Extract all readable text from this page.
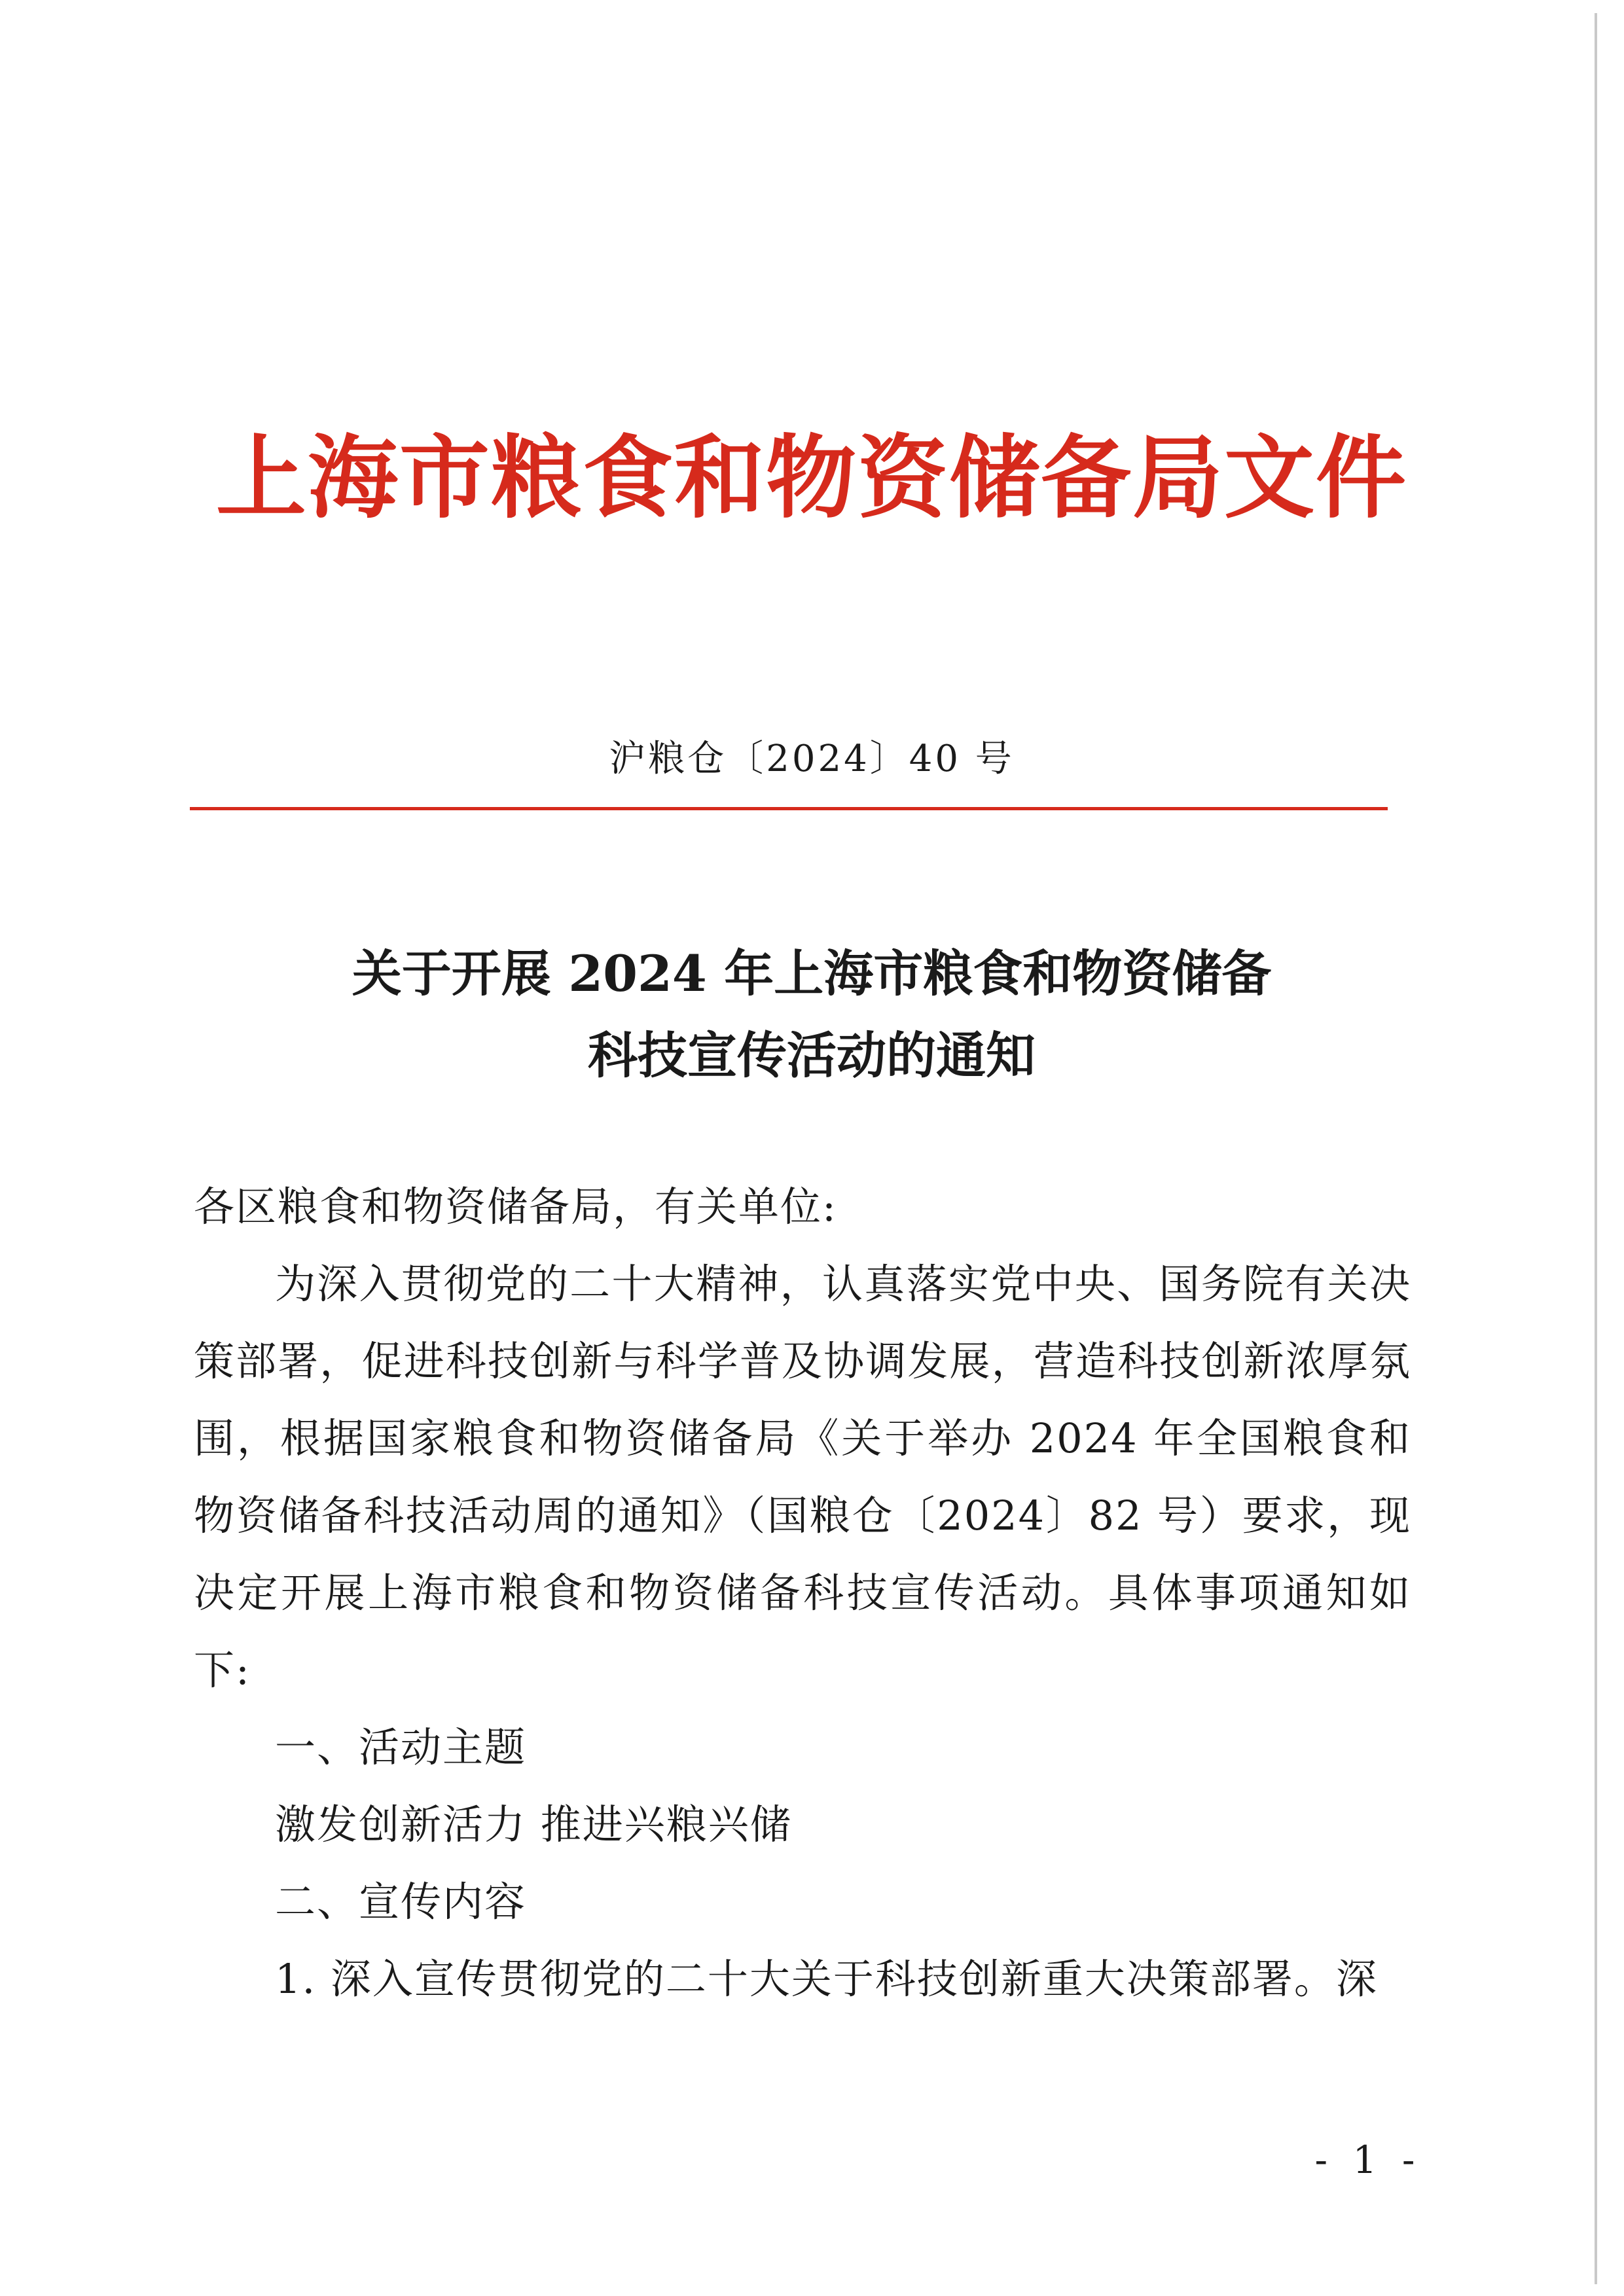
上海市粮食和物资储备局文件
沪粮仓〔2024〕40 号
关于开展 2024 年上海市粮食和物资储备
科技宣传活动的通知

各区粮食和物资储备局，有关单位:

为深入贯彻党的二十大精神，认真落实党中央、国务院有关决策部署，促进科技创新与科学普及协调发展，营造科技创新浓厚氛围，根据国家粮食和物资储备局《关于举办 2024 年全国粮食和物资储备科技活动周的通知》（国粮仓〔2024〕82 号）要求，现决定开展上海市粮食和物资储备科技宣传活动。具体事项通知如下:

一、活动主题

激发创新活力 推进兴粮兴储

二、宣传内容

1. 深入宣传贯彻党的二十大关于科技创新重大决策部署。深

- 1 -
